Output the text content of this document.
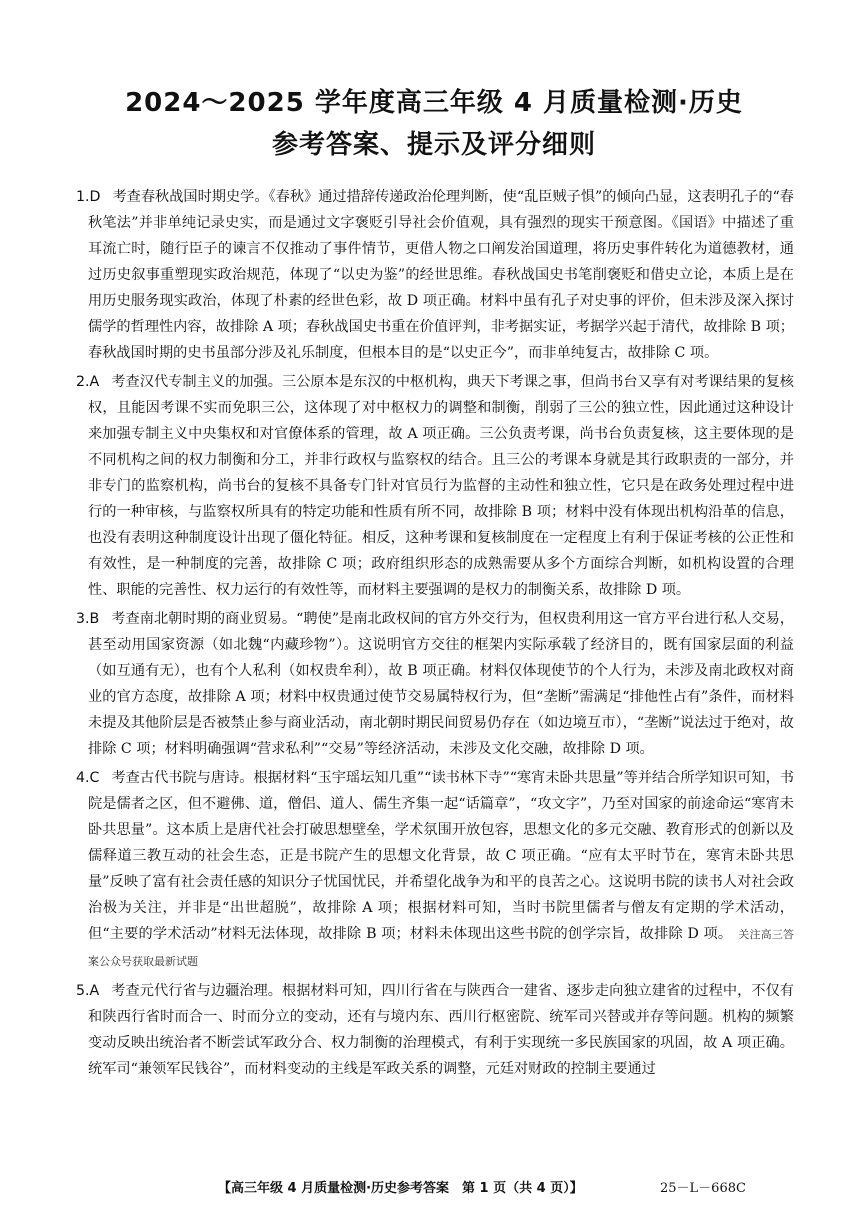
2024～2025 学年度高三年级 4 月质量检测·历史
参考答案、提示及评分细则

1.D 考查春秋战国时期史学。《春秋》通过措辞传递政治伦理判断，使“乱臣贼子惧”的倾向凸显，这表明孔子的“春秋笔法”并非单纯记录史实，而是通过文字褒贬引导社会价值观，具有强烈的现实干预意图。《国语》中描述了重耳流亡时，随行臣子的谏言不仅推动了事件情节，更借人物之口阐发治国道理，将历史事件转化为道德教材，通过历史叙事重塑现实政治规范，体现了“以史为鉴”的经世思维。春秋战国史书笔削褒贬和借史立论，本质上是在用历史服务现实政治，体现了朴素的经世色彩，故 D 项正确。材料中虽有孔子对史事的评价，但未涉及深入探讨儒学的哲理性内容，故排除 A 项；春秋战国史书重在价值评判，非考据实证，考据学兴起于清代，故排除 B 项；春秋战国时期的史书虽部分涉及礼乐制度，但根本目的是“以史正今”，而非单纯复古，故排除 C 项。

2.A 考查汉代专制主义的加强。三公原本是东汉的中枢机构，典天下考课之事，但尚书台又享有对考课结果的复核权，且能因考课不实而免职三公，这体现了对中枢权力的调整和制衡，削弱了三公的独立性，因此通过这种设计来加强专制主义中央集权和对官僚体系的管理，故 A 项正确。三公负责考课，尚书台负责复核，这主要体现的是不同机构之间的权力制衡和分工，并非行政权与监察权的结合。且三公的考课本身就是其行政职责的一部分，并非专门的监察机构，尚书台的复核不具备专门针对官员行为监督的主动性和独立性，它只是在政务处理过程中进行的一种审核，与监察权所具有的特定功能和性质有所不同，故排除 B 项；材料中没有体现出机构沿革的信息，也没有表明这种制度设计出现了僵化特征。相反，这种考课和复核制度在一定程度上有利于保证考核的公正性和有效性，是一种制度的完善，故排除 C 项；政府组织形态的成熟需要从多个方面综合判断，如机构设置的合理性、职能的完善性、权力运行的有效性等，而材料主要强调的是权力的制衡关系，故排除 D 项。

3.B 考查南北朝时期的商业贸易。“聘使”是南北政权间的官方外交行为，但权贵利用这一官方平台进行私人交易，甚至动用国家资源（如北魏“内藏珍物”）。这说明官方交往的框架内实际承载了经济目的，既有国家层面的利益（如互通有无），也有个人私利（如权贵牟利），故 B 项正确。材料仅体现使节的个人行为，未涉及南北政权对商业的官方态度，故排除 A 项；材料中权贵通过使节交易属特权行为，但“垄断”需满足“排他性占有”条件，而材料未提及其他阶层是否被禁止参与商业活动，南北朝时期民间贸易仍存在（如边境互市），“垄断”说法过于绝对，故排除 C 项；材料明确强调“营求私利”“交易”等经济活动，未涉及文化交融，故排除 D 项。

4.C 考查古代书院与唐诗。根据材料“玉宇瑶坛知几重”“读书林下寺”“寒宵未卧共思量”等并结合所学知识可知，书院是儒者之区，但不避佛、道，僧侣、道人、儒生齐集一起“话篇章”，“攻文字”，乃至对国家的前途命运“寒宵未卧共思量”。这本质上是唐代社会打破思想壁垒，学术氛围开放包容，思想文化的多元交融、教育形式的创新以及儒释道三教互动的社会生态，正是书院产生的思想文化背景，故 C 项正确。“应有太平时节在，寒宵未卧共思量”反映了富有社会责任感的知识分子忧国忧民，并希望化战争为和平的良苦之心。这说明书院的读书人对社会政治极为关注，并非是“出世超脱”，故排除 A 项；根据材料可知，当时书院里儒者与僧友有定期的学术活动，但“主要的学术活动”材料无法体现，故排除 B 项；材料未体现出这些书院的创学宗旨，故排除 D 项。 关注高三答案公众号获取最新试题

5.A 考查元代行省与边疆治理。根据材料可知，四川行省在与陕西合一建省、逐步走向独立建省的过程中，不仅有和陕西行省时而合一、时而分立的变动，还有与境内东、西川行枢密院、统军司兴替或并存等问题。机构的频繁变动反映出统治者不断尝试军政分合、权力制衡的治理模式，有利于实现统一多民族国家的巩固，故 A 项正确。统军司“兼领军民钱谷”，而材料变动的主线是军政关系的调整，元廷对财政的控制主要通过

【高三年级 4 月质量检测·历史参考答案　第 1 页（共 4 页）】	25－L－668C
